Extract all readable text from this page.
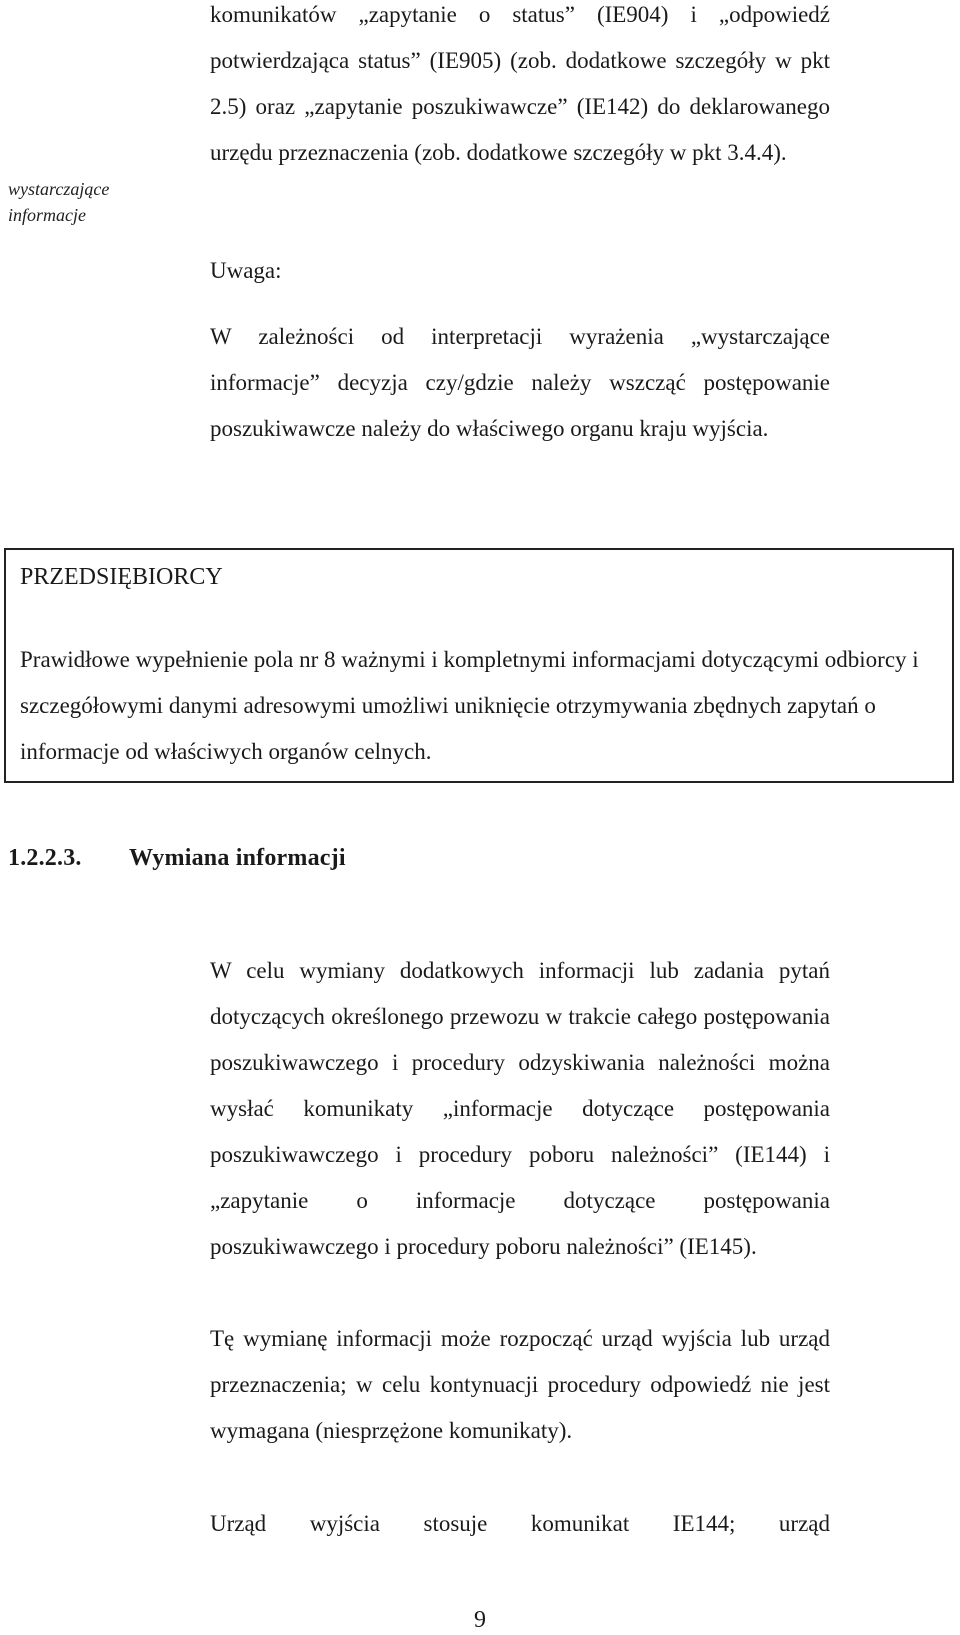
wystarczające
informacje

komunikatów „zapytanie o status” (IE904) i „odpowiedź potwierdzająca status” (IE905) (zob. dodatkowe szczegóły w pkt 2.5) oraz „zapytanie poszukiwawcze” (IE142) do deklarowanego urzędu przeznaczenia (zob. dodatkowe szczegóły w pkt 3.4.4).

Uwaga:

W zależności od interpretacji wyrażenia „wystarczające informacje” decyzja czy/gdzie należy wszcząć postępowanie poszukiwawcze należy do właściwego organu kraju wyjścia.

PRZEDSIĘBIORCY

Prawidłowe wypełnienie pola nr 8 ważnymi i kompletnymi informacjami dotyczącymi odbiorcy i szczegółowymi danymi adresowymi umożliwi uniknięcie otrzymywania zbędnych zapytań o informacje od właściwych organów celnych.

1.2.2.3. Wymiana informacji

W celu wymiany dodatkowych informacji lub zadania pytań dotyczących określonego przewozu w trakcie całego postępowania poszukiwawczego i procedury odzyskiwania należności można wysłać komunikaty „informacje dotyczące postępowania poszukiwawczego i procedury poboru należności” (IE144) i „zapytanie o informacje dotyczące postępowania poszukiwawczego i procedury poboru należności” (IE145).

Tę wymianę informacji może rozpocząć urząd wyjścia lub urząd przeznaczenia; w celu kontynuacji procedury odpowiedź nie jest wymagana (niesprzężone komunikaty).

Urząd wyjścia stosuje komunikat IE144; urząd

9
